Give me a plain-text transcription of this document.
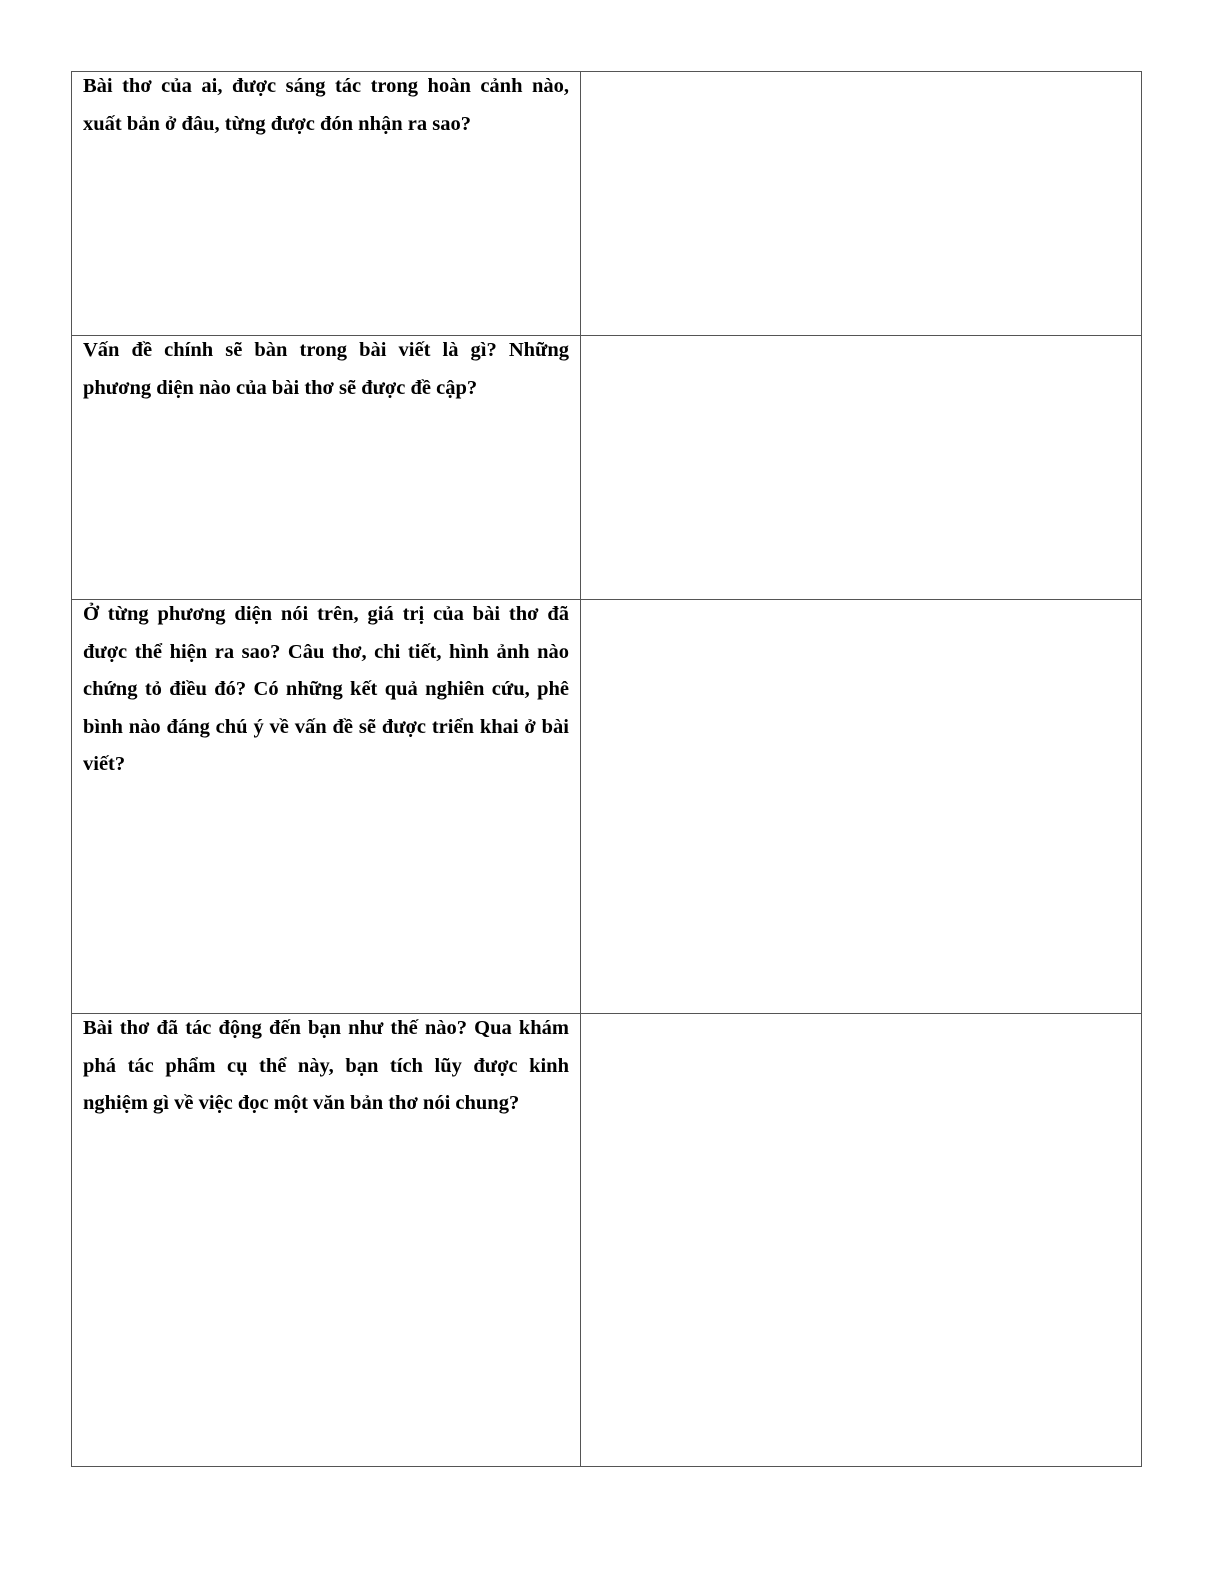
Bài thơ của ai, được sáng tác trong hoàn cảnh nào, xuất bản ở đâu, từng được đón nhận ra sao?	

Vấn đề chính sẽ bàn trong bài viết là gì? Những phương diện nào của bài thơ sẽ được đề cập?	

Ở từng phương diện nói trên, giá trị của bài thơ đã được thể hiện ra sao? Câu thơ, chi tiết, hình ảnh nào chứng tỏ điều đó? Có những kết quả nghiên cứu, phê bình nào đáng chú ý về vấn đề sẽ được triển khai ở bài viết?	

Bài thơ đã tác động đến bạn như thế nào? Qua khám phá tác phẩm cụ thể này, bạn tích lũy được kinh nghiệm gì về việc đọc một văn bản thơ nói chung?	
